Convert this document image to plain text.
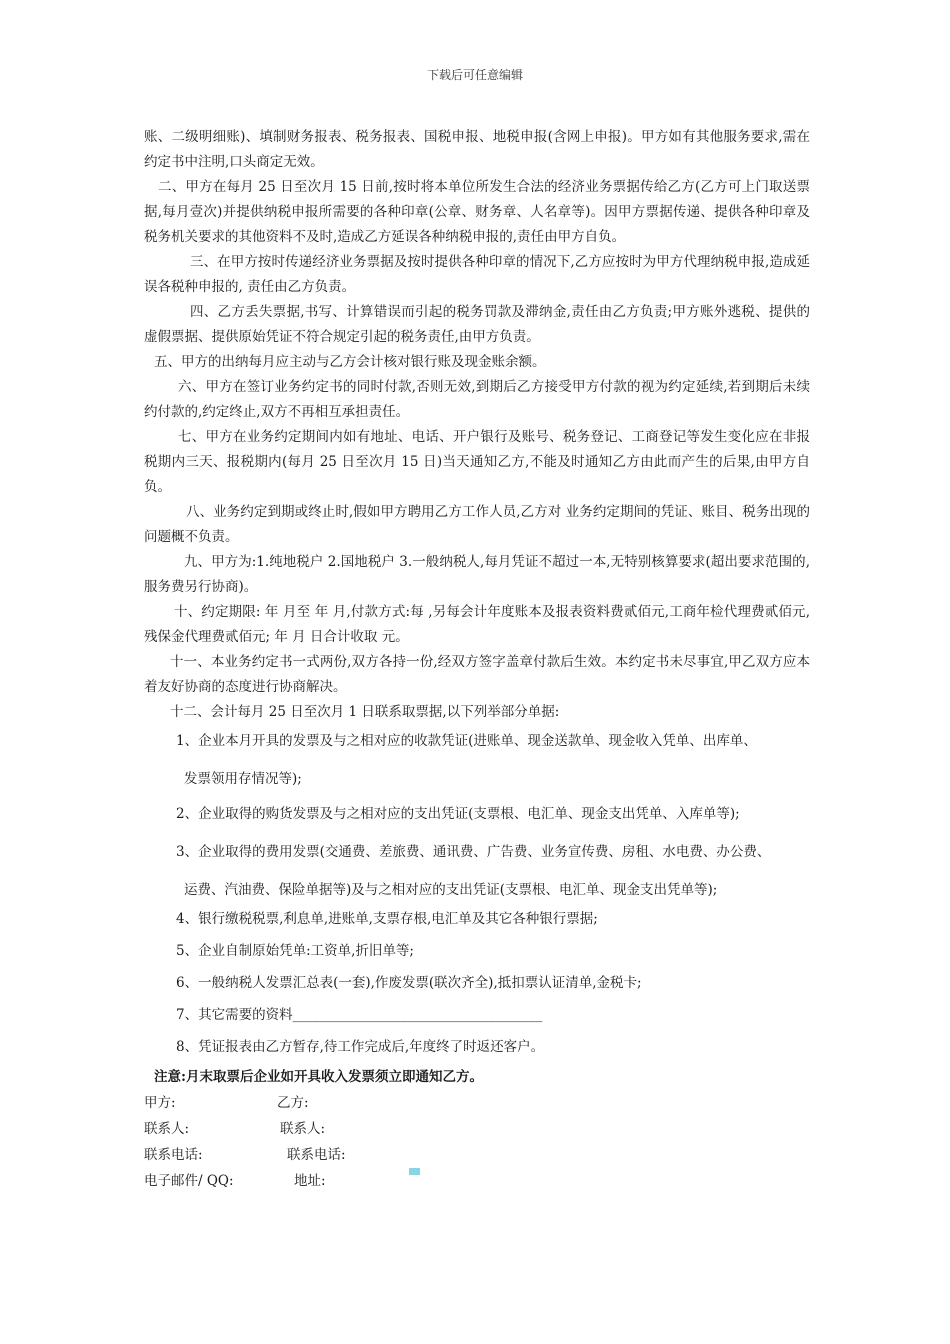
下载后可任意编辑

账、二级明细账)、填制财务报表、税务报表、国税申报、地税申报(含网上申报)。甲方如有其他服务要求,需在约定书中注明,口头商定无效。

二、甲方在每月 25 日至次月 15 日前,按时将本单位所发生合法的经济业务票据传给乙方(乙方可上门取送票据,每月壹次)并提供纳税申报所需要的各种印章(公章、财务章、人名章等)。因甲方票据传递、提供各种印章及税务机关要求的其他资料不及时,造成乙方延误各种纳税申报的,责任由甲方自负。

三、在甲方按时传递经济业务票据及按时提供各种印章的情况下,乙方应按时为甲方代理纳税申报,造成延误各税种申报的, 责任由乙方负责。

四、乙方丢失票据,书写、计算错误而引起的税务罚款及滞纳金,责任由乙方负责;甲方账外逃税、提供的虚假票据、提供原始凭证不符合规定引起的税务责任,由甲方负责。

五、甲方的出纳每月应主动与乙方会计核对银行账及现金账余额。

六、甲方在签订业务约定书的同时付款,否则无效,到期后乙方接受甲方付款的视为约定延续,若到期后未续约付款的,约定终止,双方不再相互承担责任。

七、甲方在业务约定期间内如有地址、电话、开户银行及账号、税务登记、工商登记等发生变化应在非报税期内三天、报税期内(每月 25 日至次月 15 日)当天通知乙方,不能及时通知乙方由此而产生的后果,由甲方自负。

八、业务约定到期或终止时,假如甲方聘用乙方工作人员,乙方对 业务约定期间的凭证、账目、税务出现的问题概不负责。

九、甲方为:1.纯地税户 2.国地税户 3.一般纳税人,每月凭证不超过一本,无特别核算要求(超出要求范围的,服务费另行协商)。

十、约定期限: 年 月至 年 月,付款方式:每 ,另每会计年度账本及报表资料费贰佰元,工商年检代理费贰佰元,残保金代理费贰佰元; 年 月 日合计收取 元。

十一、本业务约定书一式两份,双方各持一份,经双方签字盖章付款后生效。本约定书未尽事宜,甲乙双方应本着友好协商的态度进行协商解决。

十二、会计每月 25 日至次月 1 日联系取票据,以下列举部分单据:

1、企业本月开具的发票及与之相对应的收款凭证(进账单、现金送款单、现金收入凭单、出库单、

发票领用存情况等);

2、企业取得的购货发票及与之相对应的支出凭证(支票根、电汇单、现金支出凭单、入库单等);

3、企业取得的费用发票(交通费、差旅费、通讯费、广告费、业务宣传费、房租、水电费、办公费、

运费、汽油费、保险单据等)及与之相对应的支出凭证(支票根、电汇单、现金支出凭单等);

4、银行缴税税票,利息单,进账单,支票存根,电汇单及其它各种银行票据;

5、企业自制原始凭单:工资单,折旧单等;

6、一般纳税人发票汇总表(一套),作废发票(联次齐全),抵扣票认证清单,金税卡;

7、其它需要的资料_____________________________________

8、凭证报表由乙方暂存,待工作完成后,年度终了时返还客户。

注意:月末取票后企业如开具收入发票须立即通知乙方。

甲方:	乙方:
联系人:	联系人:
联系电话:	联系电话:
电子邮件/ QQ:	地址:
